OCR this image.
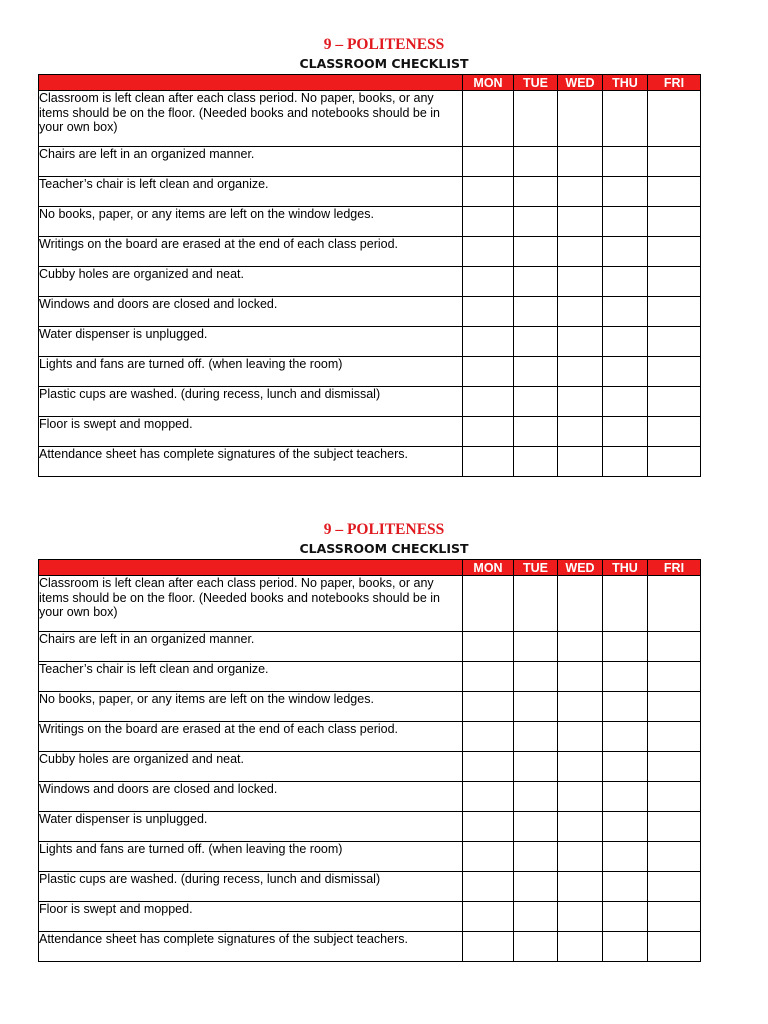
9 – POLITENESS
CLASSROOM CHECKLIST
	MON	TUE	WED	THU	FRI
Classroom is left clean after each class period. No paper, books, or any items should be on the floor. (Needed books and notebooks should be in your own box)					
Chairs are left in an organized manner.					
Teacher’s chair is left clean and organize.					
No books, paper, or any items are left on the window ledges.					
Writings on the board are erased at the end of each class period.					
Cubby holes are organized and neat.					
Windows and doors are closed and locked.					
Water dispenser is unplugged.					
Lights and fans are turned off. (when leaving the room)					
Plastic cups are washed. (during recess, lunch and dismissal)					
Floor is swept and mopped.					
Attendance sheet has complete signatures of the subject teachers.					
9 – POLITENESS
CLASSROOM CHECKLIST
	MON	TUE	WED	THU	FRI
Classroom is left clean after each class period. No paper, books, or any items should be on the floor. (Needed books and notebooks should be in your own box)					
Chairs are left in an organized manner.					
Teacher’s chair is left clean and organize.					
No books, paper, or any items are left on the window ledges.					
Writings on the board are erased at the end of each class period.					
Cubby holes are organized and neat.					
Windows and doors are closed and locked.					
Water dispenser is unplugged.					
Lights and fans are turned off. (when leaving the room)					
Plastic cups are washed. (during recess, lunch and dismissal)					
Floor is swept and mopped.					
Attendance sheet has complete signatures of the subject teachers.					
